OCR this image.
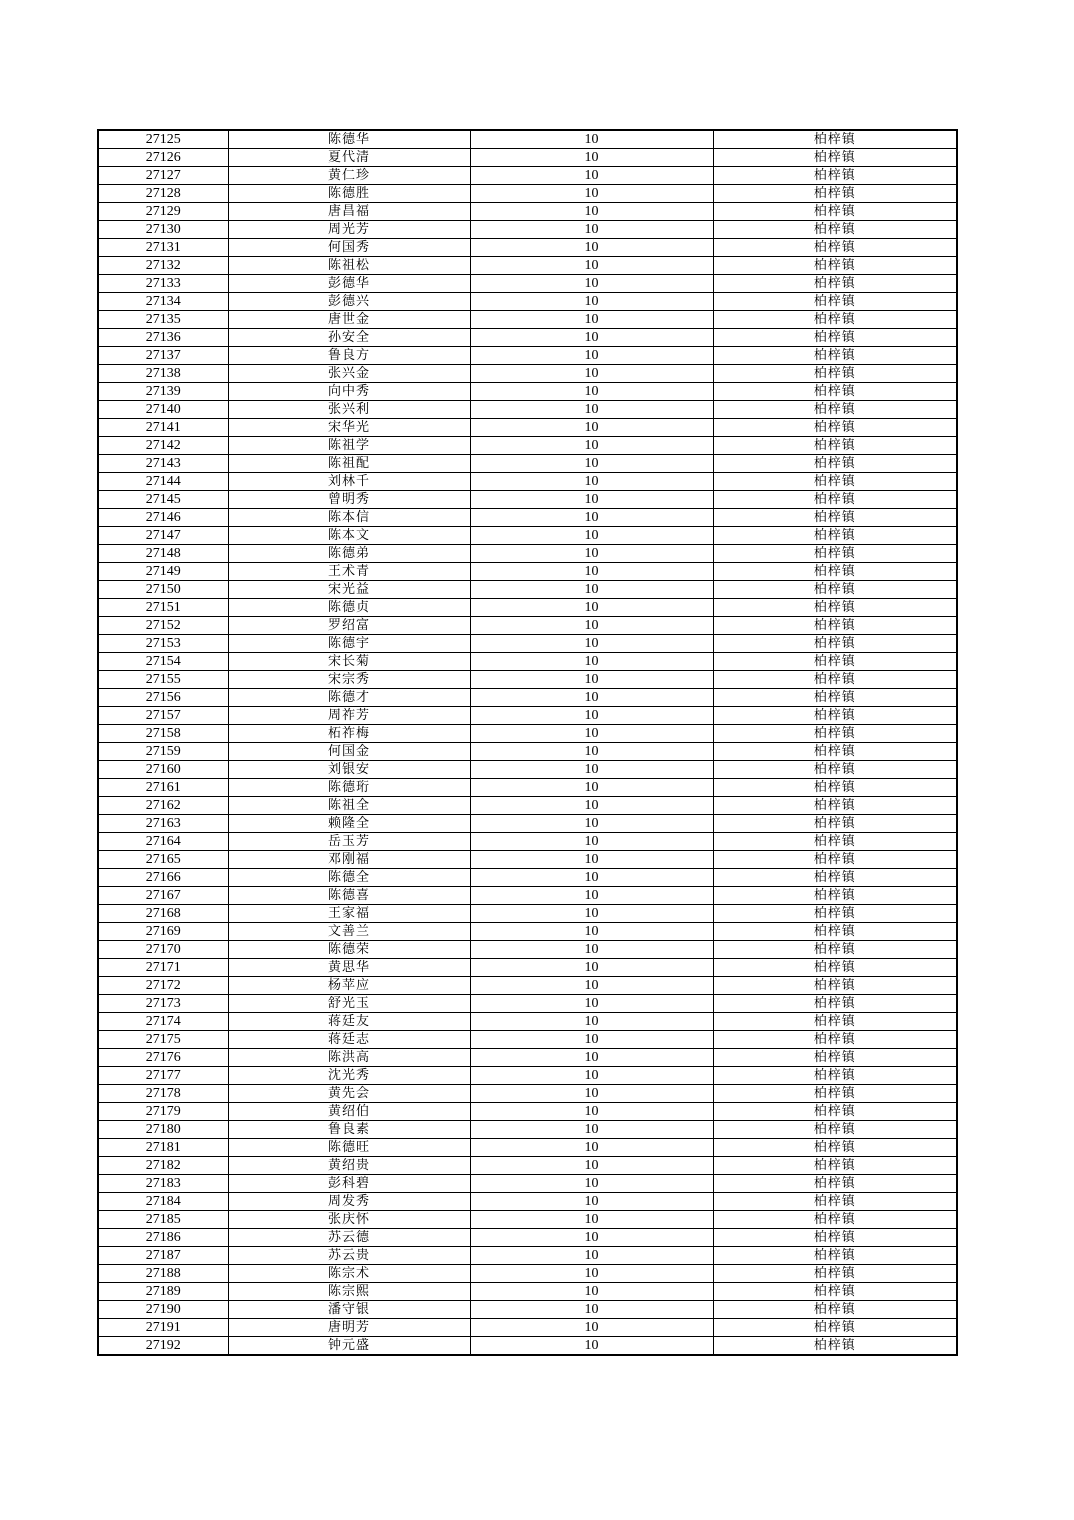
27125	陈德华	10	柏梓镇
27126	夏代清	10	柏梓镇
27127	黄仁珍	10	柏梓镇
27128	陈德胜	10	柏梓镇
27129	唐昌福	10	柏梓镇
27130	周光芳	10	柏梓镇
27131	何国秀	10	柏梓镇
27132	陈祖松	10	柏梓镇
27133	彭德华	10	柏梓镇
27134	彭德兴	10	柏梓镇
27135	唐世金	10	柏梓镇
27136	孙安全	10	柏梓镇
27137	鲁良方	10	柏梓镇
27138	张兴金	10	柏梓镇
27139	向中秀	10	柏梓镇
27140	张兴利	10	柏梓镇
27141	宋华光	10	柏梓镇
27142	陈祖学	10	柏梓镇
27143	陈祖配	10	柏梓镇
27144	刘林千	10	柏梓镇
27145	曾明秀	10	柏梓镇
27146	陈本信	10	柏梓镇
27147	陈本文	10	柏梓镇
27148	陈德弟	10	柏梓镇
27149	王术青	10	柏梓镇
27150	宋光益	10	柏梓镇
27151	陈德贞	10	柏梓镇
27152	罗绍富	10	柏梓镇
27153	陈德宇	10	柏梓镇
27154	宋长菊	10	柏梓镇
27155	宋宗秀	10	柏梓镇
27156	陈德才	10	柏梓镇
27157	周祚芳	10	柏梓镇
27158	柘祚梅	10	柏梓镇
27159	何国金	10	柏梓镇
27160	刘银安	10	柏梓镇
27161	陈德珩	10	柏梓镇
27162	陈祖全	10	柏梓镇
27163	赖隆全	10	柏梓镇
27164	岳玉芳	10	柏梓镇
27165	邓刚福	10	柏梓镇
27166	陈德全	10	柏梓镇
27167	陈德喜	10	柏梓镇
27168	王家福	10	柏梓镇
27169	文善兰	10	柏梓镇
27170	陈德荣	10	柏梓镇
27171	黄思华	10	柏梓镇
27172	杨苹应	10	柏梓镇
27173	舒光玉	10	柏梓镇
27174	蒋廷友	10	柏梓镇
27175	蒋廷志	10	柏梓镇
27176	陈洪高	10	柏梓镇
27177	沈光秀	10	柏梓镇
27178	黄先会	10	柏梓镇
27179	黄绍伯	10	柏梓镇
27180	鲁良素	10	柏梓镇
27181	陈德旺	10	柏梓镇
27182	黄绍贵	10	柏梓镇
27183	彭科碧	10	柏梓镇
27184	周发秀	10	柏梓镇
27185	张庆怀	10	柏梓镇
27186	苏云德	10	柏梓镇
27187	苏云贵	10	柏梓镇
27188	陈宗术	10	柏梓镇
27189	陈宗熙	10	柏梓镇
27190	潘守银	10	柏梓镇
27191	唐明芳	10	柏梓镇
27192	钟元盛	10	柏梓镇
